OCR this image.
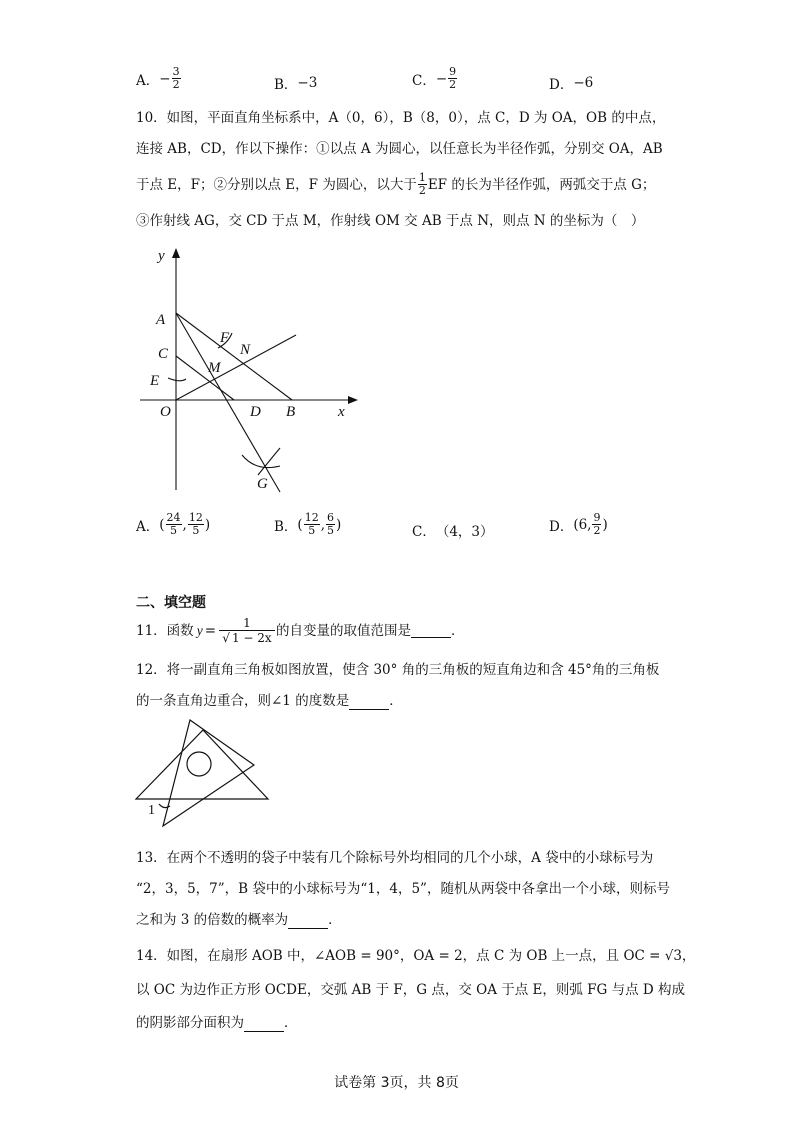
A． − $\frac{3}{2}$	B． −3	C． − $\frac{9}{2}$	D． −6
10．如图，平面直角坐标系中，A（0，6），B（8，0），点 C，D 为 OA，OB 的中点，
连接 AB，CD，作以下操作：①以点 A 为圆心，以任意长为半径作弧，分别交 OA，AB
于点 E，F；②分别以点 E，F 为圆心，以大于 $\frac{1}{2}$ EF 的长为半径作弧，两弧交于点 G；
③作射线 AG，交 CD 于点 M，作射线 OM 交 AB 于点 N，则点 N 的坐标为（　）
y
x
A
C
E
F
N
M
O	D B
G
A． ( $\frac{24}{5}$ , $\frac{12}{5}$ )	B． ( $\frac{12}{5}$ , $\frac{6}{5}$ )	C． （4，3）	D． (6, $\frac{9}{2}$ )
二、填空题
11．函数 $y = \frac{1}{√ 1 - 2x}$ 的自变量的取值范围是	．
12．将一副直角三角板如图放置，使含 30° 角的三角板的短直角边和含 45°角的三角板
的一条直角边重合，则∠1 的度数是	．
1
13．在两个不透明的袋子中装有几个除标号外均相同的几个小球，A 袋中的小球标号为
“2，3，5，7”，B 袋中的小球标号为“1，4，5”，随机从两袋中各拿出一个小球，则标号
之和为 3 的倍数的概率为	．
14．如图，在扇形 AOB 中，∠AOB = 90°，OA = 2，点 C 为 OB 上一点，且 OC = √3，
以 OC 为边作正方形 OCDE，交弧 AB 于 F，G 点，交 OA 于点 E，则弧 FG 与点 D 构成
的阴影部分面积为	．
试卷第 3页，共 8页
